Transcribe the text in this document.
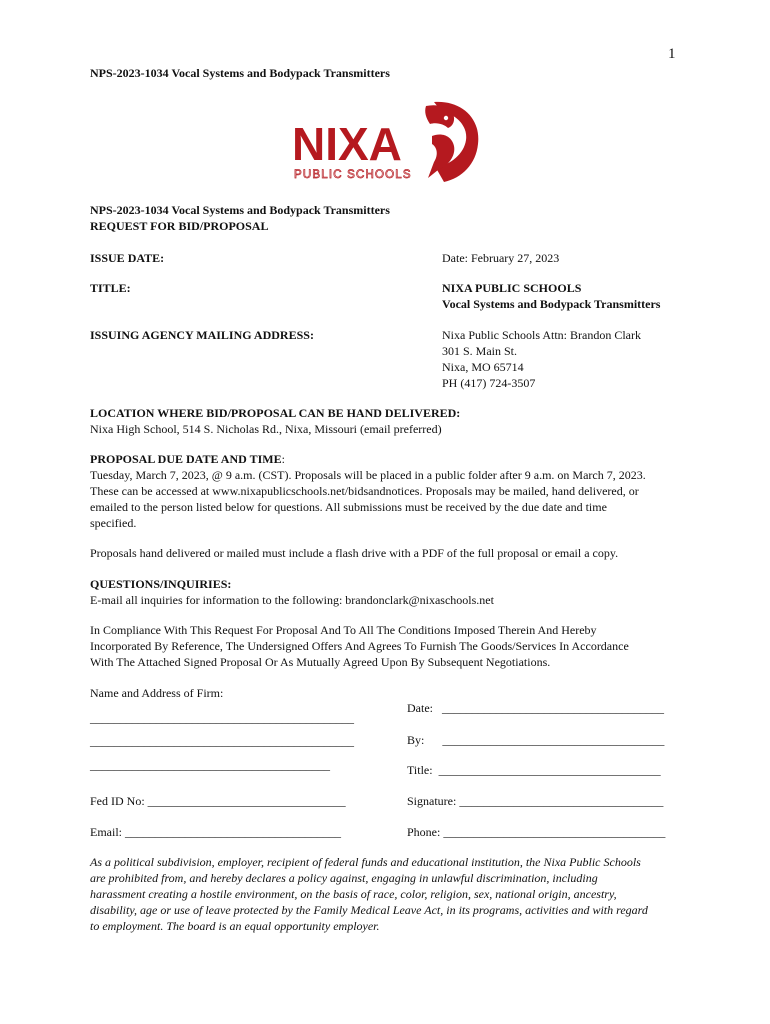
1
NPS-2023-1034 Vocal Systems and Bodypack Transmitters
NIXA
PUBLIC SCHOOLS
NPS-2023-1034 Vocal Systems and Bodypack Transmitters
REQUEST FOR BID/PROPOSAL
ISSUE DATE:	Date: February 27, 2023
TITLE:	NIXA PUBLIC SCHOOLS
Vocal Systems and Bodypack Transmitters
ISSUING AGENCY MAILING ADDRESS:	Nixa Public Schools Attn: Brandon Clark
301 S. Main St.
Nixa, MO 65714
PH (417) 724-3507
LOCATION WHERE BID/PROPOSAL CAN BE HAND DELIVERED:
Nixa High School, 514 S. Nicholas Rd., Nixa, Missouri (email preferred)
PROPOSAL DUE DATE AND TIME:
Tuesday, March 7, 2023, @ 9 a.m. (CST). Proposals will be placed in a public folder after 9 a.m. on March 7, 2023.
These can be accessed at www.nixapublicschools.net/bidsandnotices. Proposals may be mailed, hand delivered, or
emailed to the person listed below for questions. All submissions must be received by the due date and time
specified.
Proposals hand delivered or mailed must include a flash drive with a PDF of the full proposal or email a copy.
QUESTIONS/INQUIRIES:
E-mail all inquiries for information to the following: brandonclark@nixaschools.net
In Compliance With This Request For Proposal And To All The Conditions Imposed Therein And Hereby
Incorporated By Reference, The Undersigned Offers And Agrees To Furnish The Goods/Services In Accordance
With The Attached Signed Proposal Or As Mutually Agreed Upon By Subsequent Negotiations.
Name and Address of Firm:
____________________________________________
____________________________________________
________________________________________
Date: _____________________________________
By: _____________________________________
Title: _____________________________________
Fed ID No: _________________________________	Signature: __________________________________
Email: ____________________________________	Phone: _____________________________________
As a political subdivision, employer, recipient of federal funds and educational institution, the Nixa Public Schools
are prohibited from, and hereby declares a policy against, engaging in unlawful discrimination, including
harassment creating a hostile environment, on the basis of race, color, religion, sex, national origin, ancestry,
disability, age or use of leave protected by the Family Medical Leave Act, in its programs, activities and with regard
to employment. The board is an equal opportunity employer.
